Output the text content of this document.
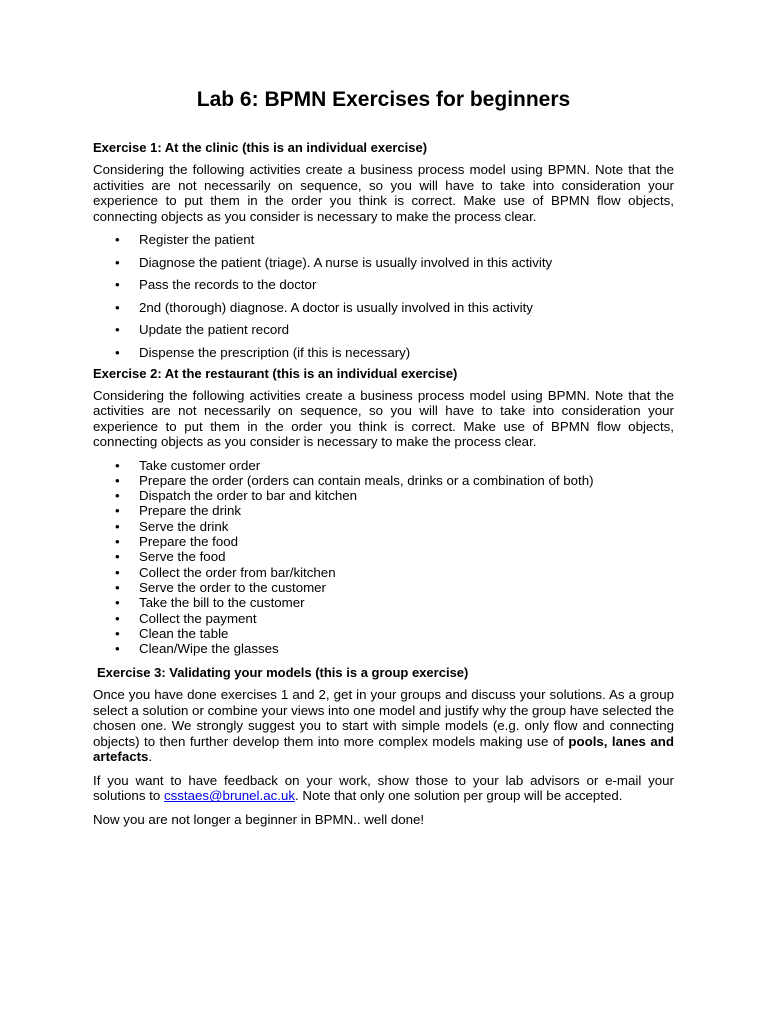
Lab 6: BPMN Exercises for beginners
Exercise 1: At the clinic (this is an individual exercise)

Considering the following activities create a business process model using BPMN. Note that the activities are not necessarily on sequence, so you will have to take into consideration your experience to put them in the order you think is correct. Make use of BPMN flow objects, connecting objects as you consider is necessary to make the process clear.

• Register the patient
• Diagnose the patient (triage). A nurse is usually involved in this activity
• Pass the records to the doctor
• 2nd (thorough) diagnose. A doctor is usually involved in this activity
• Update the patient record
• Dispense the prescription (if this is necessary)
Exercise 2: At the restaurant (this is an individual exercise)

Considering the following activities create a business process model using BPMN. Note that the activities are not necessarily on sequence, so you will have to take into consideration your experience to put them in the order you think is correct. Make use of BPMN flow objects, connecting objects as you consider is necessary to make the process clear.

• Take customer order
• Prepare the order (orders can contain meals, drinks or a combination of both)
• Dispatch the order to bar and kitchen
• Prepare the drink
• Serve the drink
• Prepare the food
• Serve the food
• Collect the order from bar/kitchen
• Serve the order to the customer
• Take the bill to the customer
• Collect the payment
• Clean the table
• Clean/Wipe the glasses
Exercise 3: Validating your models (this is a group exercise)

Once you have done exercises 1 and 2, get in your groups and discuss your solutions. As a group select a solution or combine your views into one model and justify why the group have selected the chosen one. We strongly suggest you to start with simple models (e.g. only flow and connecting objects) to then further develop them into more complex models making use of pools, lanes and artefacts.

If you want to have feedback on your work, show those to your lab advisors or e-mail your solutions to csstaes@brunel.ac.uk. Note that only one solution per group will be accepted.

Now you are not longer a beginner in BPMN.. well done!
